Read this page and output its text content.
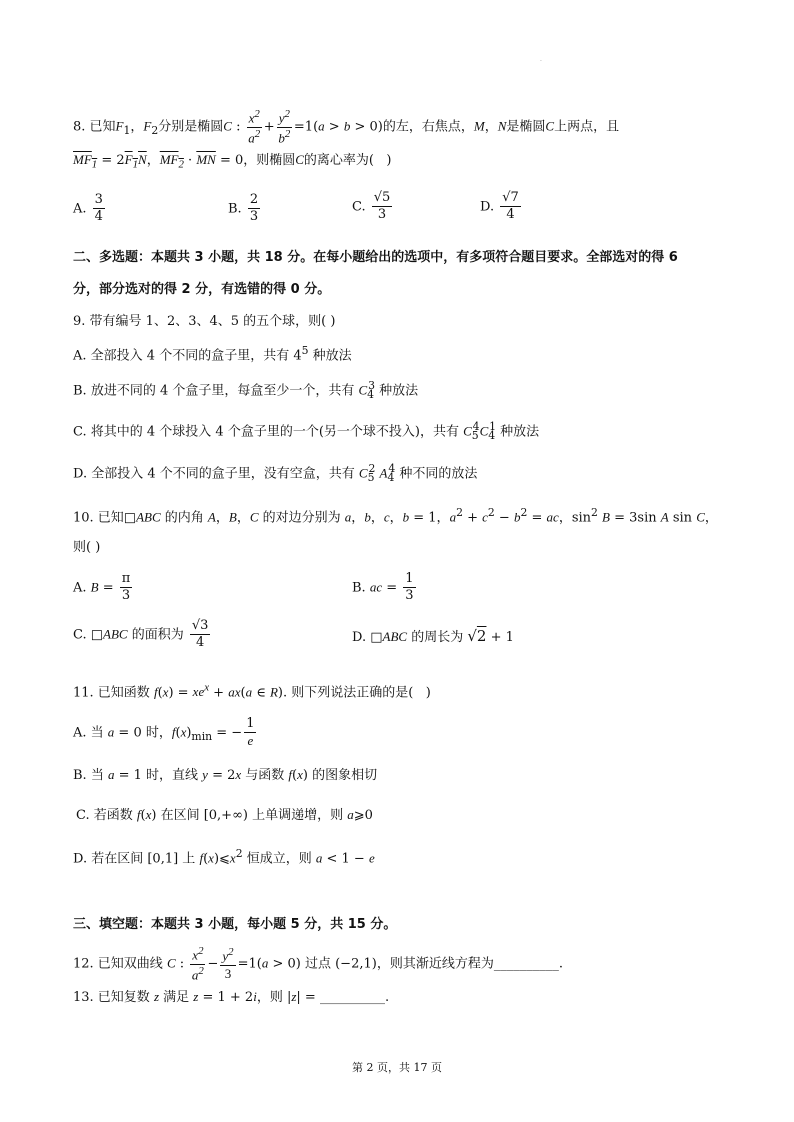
.
8. 已知$F_1$，$F_2$分别是椭圆C : $\frac{x^2}{a^2} + \frac{y^2}{b^2} =1(a > b > 0)$的左，右焦点，M，N是椭圆C上两点，且
$MF_1 = 2F_1N$，$MF_2 \cdot \overline{MN} = 0$，则椭圆C的离心率为(   )
A. $\frac{3}{4}$	B. $\frac{2}{3}$	C. $\frac{√5}{3}$	D. $\frac{√7}{4}$
二、多选题：本题共 3 小题，共 18 分。在每小题给出的选项中，有多项符合题目要求。全部选对的得 6
分，部分选对的得 2 分，有选错的得 0 分。
9. 带有编号 1、2、3、4、5 的五个球，则( )
A. 全部投入 4 个不同的盒子里，共有 $4^5$ 种放法
B. 放进不同的 4 个盒子里，每盒至少一个，共有 $C_4^3$ 种放法
C. 将其中的 4 个球投入 4 个盒子里的一个(另一个球不投入)，共有 $C_5^4C_4^1$ 种放法
D. 全部投入 4 个不同的盒子里，没有空盒，共有 $C_5^2$ $A_4^4$ 种不同的放法
10. 已知□ABC 的内角 A，B，C 的对边分别为 a，b，c，b = 1，$a^2 + c^2 - b^2$ = ac，$\sin^2 B = 3\sin$ A sin C，
则( )
A. $B = \frac{\pi}{3}$	B. ac = $\frac{1}{3}$
C. □ABC 的面积为 $\frac{√3}{4}$	D. □ABC 的周长为 √2 + 1
11. 已知函数 $f(x) = xe^x + ax(a$ ∈ R). 则下列说法正确的是(   )
A. 当 a = 0 时，$f(x)_{min}$ = − $\frac{1}{e}$
B. 当 a = 1 时，直线 y = 2x 与函数 f(x) 的图象相切
C. 若函数 f(x) 在区间 [0,+∞) 上单调递增，则 a⩾0
D. 若在区间 [0,1] 上 $f(x)⩽x^2$ 恒成立，则 a < 1 − e
三、填空题：本题共 3 小题，每小题 5 分，共 15 分。
12. 已知双曲线 C : $\frac{x^2}{a^2} - \frac{y^2}{3} =1(a > 0)$ 过点 (−2,1)，则其渐近线方程为__________.
13. 已知复数 z 满足 z = 1 + 2i，则 |z| = __________.
第 2 页，共 17 页
